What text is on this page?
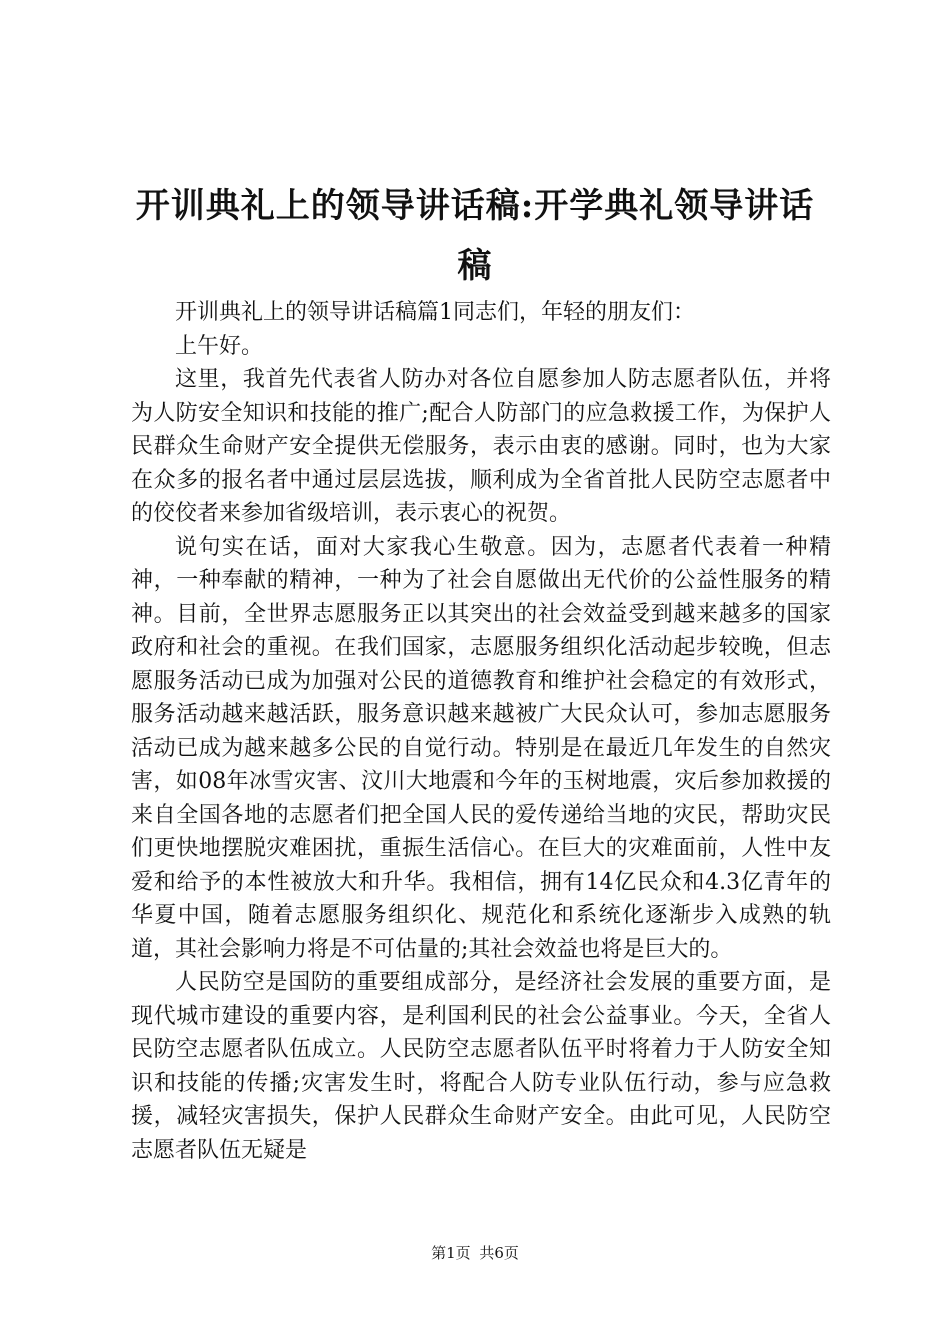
开训典礼上的领导讲话稿:开学典礼领导讲话稿

开训典礼上的领导讲话稿篇1同志们，年轻的朋友们：

上午好。

这里，我首先代表省人防办对各位自愿参加人防志愿者队伍，并将为人防安全知识和技能的推广;配合人防部门的应急救援工作，为保护人民群众生命财产安全提供无偿服务，表示由衷的感谢。同时，也为大家在众多的报名者中通过层层选拔，顺利成为全省首批人民防空志愿者中的佼佼者来参加省级培训，表示衷心的祝贺。

说句实在话，面对大家我心生敬意。因为，志愿者代表着一种精神，一种奉献的精神，一种为了社会自愿做出无代价的公益性服务的精神。目前，全世界志愿服务正以其突出的社会效益受到越来越多的国家政府和社会的重视。在我们国家，志愿服务组织化活动起步较晚，但志愿服务活动已成为加强对公民的道德教育和维护社会稳定的有效形式，服务活动越来越活跃，服务意识越来越被广大民众认可，参加志愿服务活动已成为越来越多公民的自觉行动。特别是在最近几年发生的自然灾害，如08年冰雪灾害、汶川大地震和今年的玉树地震，灾后参加救援的来自全国各地的志愿者们把全国人民的爱传递给当地的灾民，帮助灾民们更快地摆脱灾难困扰，重振生活信心。在巨大的灾难面前，人性中友爱和给予的本性被放大和升华。我相信，拥有14亿民众和4.3亿青年的华夏中国，随着志愿服务组织化、规范化和系统化逐渐步入成熟的轨道，其社会影响力将是不可估量的;其社会效益也将是巨大的。

人民防空是国防的重要组成部分，是经济社会发展的重要方面，是现代城市建设的重要内容，是利国利民的社会公益事业。今天，全省人民防空志愿者队伍成立。人民防空志愿者队伍平时将着力于人防安全知识和技能的传播;灾害发生时，将配合人防专业队伍行动，参与应急救援，减轻灾害损失，保护人民群众生命财产安全。由此可见，人民防空志愿者队伍无疑是

第1页 共6页
